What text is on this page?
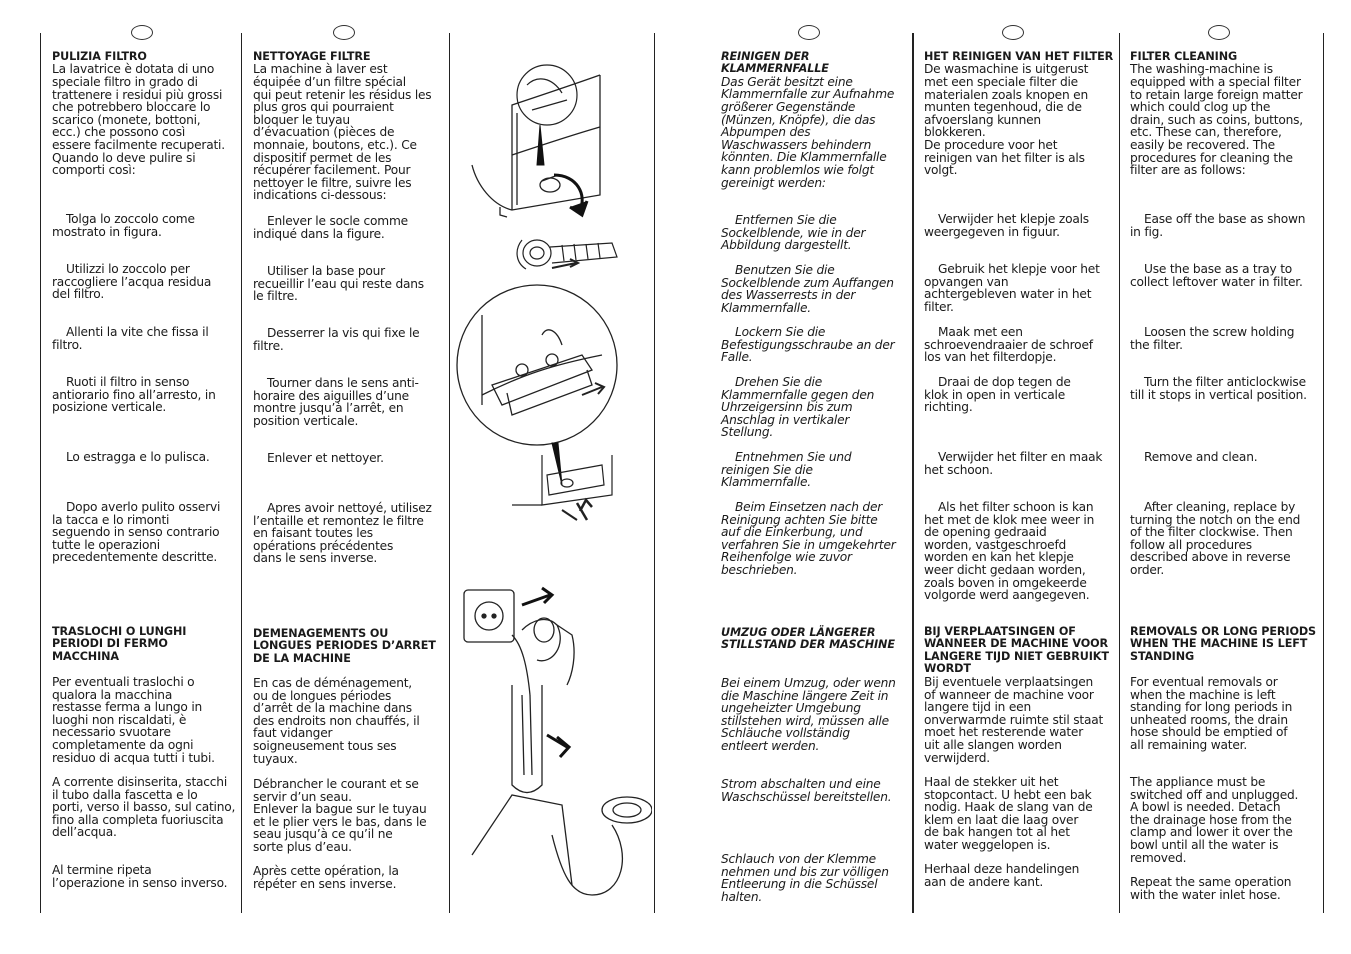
PULIZIA FILTRO

La lavatrice è dotata di uno
speciale filtro in grado di
trattenere i residui più grossi
che potrebbero bloccare lo
scarico (monete, bottoni,
ecc.) che possono così
essere facilmente recuperati.
Quando lo deve pulire si
comporti così:

Tolga lo zoccolo come
mostrato in figura.

Utilizzi lo zoccolo per
raccogliere l’acqua residua
del filtro.

Allenti la vite che fissa il
filtro.

Ruoti il filtro in senso
antiorario fino all’arresto, in
posizione verticale.

Lo estragga e lo pulisca.

Dopo averlo pulito osservi
la tacca e lo rimonti
seguendo in senso contrario
tutte le operazioni
precedentemente descritte.

TRASLOCHI O LUNGHI
PERIODI DI FERMO
MACCHINA

Per eventuali traslochi o
qualora la macchina
restasse ferma a lungo in
luoghi non riscaldati, è
necessario svuotare
completamente da ogni
residuo di acqua tutti i tubi.

A corrente disinserita, stacchi
il tubo dalla fascetta e lo
porti, verso il basso, sul catino,
fino alla completa fuoriuscita
dell’acqua.

Al termine ripeta
l’operazione in senso inverso.

NETTOYAGE FILTRE

La machine à laver est
équipée d’un filtre spécial
qui peut retenir les résidus les
plus gros qui pourraient
bloquer le tuyau
d’évacuation (pièces de
monnaie, boutons, etc.). Ce
dispositif permet de les
récupérer facilement. Pour
nettoyer le filtre, suivre les
indications ci-dessous:

Enlever le socle comme
indiqué dans la figure.

Utiliser la base pour
recueillir l’eau qui reste dans
le filtre.

Desserrer la vis qui fixe le
filtre.

Tourner dans le sens anti-
horaire des aiguilles d’une
montre jusqu’à l’arrêt, en
position verticale.

Enlever et nettoyer.

Apres avoir nettoyé, utilisez
l’entaille et remontez le filtre
en faisant toutes les
opérations précédentes
dans le sens inverse.

DEMENAGEMENTS OU
LONGUES PERIODES D’ARRET
DE LA MACHINE

En cas de déménagement,
ou de longues périodes
d’arrêt de la machine dans
des endroits non chauffés, il
faut vidanger
soigneusement tous ses
tuyaux.

Débrancher le courant et se
servir d’un seau.
Enlever la bague sur le tuyau
et le plier vers le bas, dans le
seau jusqu’à ce qu’il ne
sorte plus d’eau.

Après cette opération, la
répéter en sens inverse.

REINIGEN DER KLAMMERNFALLE

Das Gerät besitzt eine
Klammernfalle zur Aufnahme
größerer Gegenstände
(Münzen, Knöpfe), die das
Abpumpen des
Waschwassers behindern
könnten. Die Klammernfalle
kann problemlos wie folgt
gereinigt werden:

Entfernen Sie die
Sockelblende, wie in der
Abbildung dargestellt.

Benutzen Sie die
Sockelblende zum Auffangen
des Wasserrests in der
Klammernfalle.

Lockern Sie die
Befestigungsschraube an der
Falle.

Drehen Sie die
Klammernfalle gegen den
Uhrzeigersinn bis zum
Anschlag in vertikaler
Stellung.

Entnehmen Sie und
reinigen Sie die
Klammernfalle.

Beim Einsetzen nach der
Reinigung achten Sie bitte
auf die Einkerbung, und
verfahren Sie in umgekehrter
Reihenfolge wie zuvor
beschrieben.

UMZUG ODER LÄNGERER
STILLSTAND DER MASCHINE

Bei einem Umzug, oder wenn
die Maschine längere Zeit in
ungeheizter Umgebung
stillstehen wird, müssen alle
Schläuche vollständig
entleert werden.

Strom abschalten und eine
Waschschüssel bereitstellen.

Schlauch von der Klemme
nehmen und bis zur völligen
Entleerung in die Schüssel
halten.

HET REINIGEN VAN HET FILTER

De wasmachine is uitgerust
met een speciale filter die
materialen zoals knopen en
munten tegenhoud, die de
afvoerslang kunnen
blokkeren.
De procedure voor het
reinigen van het filter is als
volgt.

Verwijder het klepje zoals
weergegeven in figuur.

Gebruik het klepje voor het
opvangen van
achtergebleven water in het
filter.

Maak met een
schroevendraaier de schroef
los van het filterdopje.

Draai de dop tegen de
klok in open in verticale
richting.

Verwijder het filter en maak
het schoon.

Als het filter schoon is kan
het met de klok mee weer in
de opening gedraaid
worden, vastgeschroefd
worden en kan het klepje
weer dicht gedaan worden,
zoals boven in omgekeerde
volgorde werd aangegeven.

BIJ VERPLAATSINGEN OF
WANNEER DE MACHINE VOOR
LANGERE TIJD NIET GEBRUIKT
WORDT

Bij eventuele verplaatsingen
of wanneer de machine voor
langere tijd in een
onverwarmde ruimte stil staat
moet het resterende water
uit alle slangen worden
verwijderd.

Haal de stekker uit het
stopcontact. U hebt een bak
nodig. Haak de slang van de
klem en laat die laag over
de bak hangen tot al het
water weggelopen is.

Herhaal deze handelingen
aan de andere kant.

FILTER CLEANING

The washing-machine is
equipped with a special filter
to retain large foreign matter
which could clog up the
drain, such as coins, buttons,
etc. These can, therefore,
easily be recovered. The
procedures for cleaning the
filter are as follows:

Ease off the base as shown
in fig.

Use the base as a tray to
collect leftover water in filter.

Loosen the screw holding
the filter.

Turn the filter anticlockwise
till it stops in vertical position.

Remove and clean.

After cleaning, replace by
turning the notch on the end
of the filter clockwise. Then
follow all procedures
described above in reverse
order.

REMOVALS OR LONG PERIODS
WHEN THE MACHINE IS LEFT
STANDING

For eventual removals or
when the machine is left
standing for long periods in
unheated rooms, the drain
hose should be emptied of
all remaining water.

The appliance must be
switched off and unplugged.
A bowl is needed. Detach
the drainage hose from the
clamp and lower it over the
bowl until all the water is
removed.

Repeat the same operation
with the water inlet hose.
